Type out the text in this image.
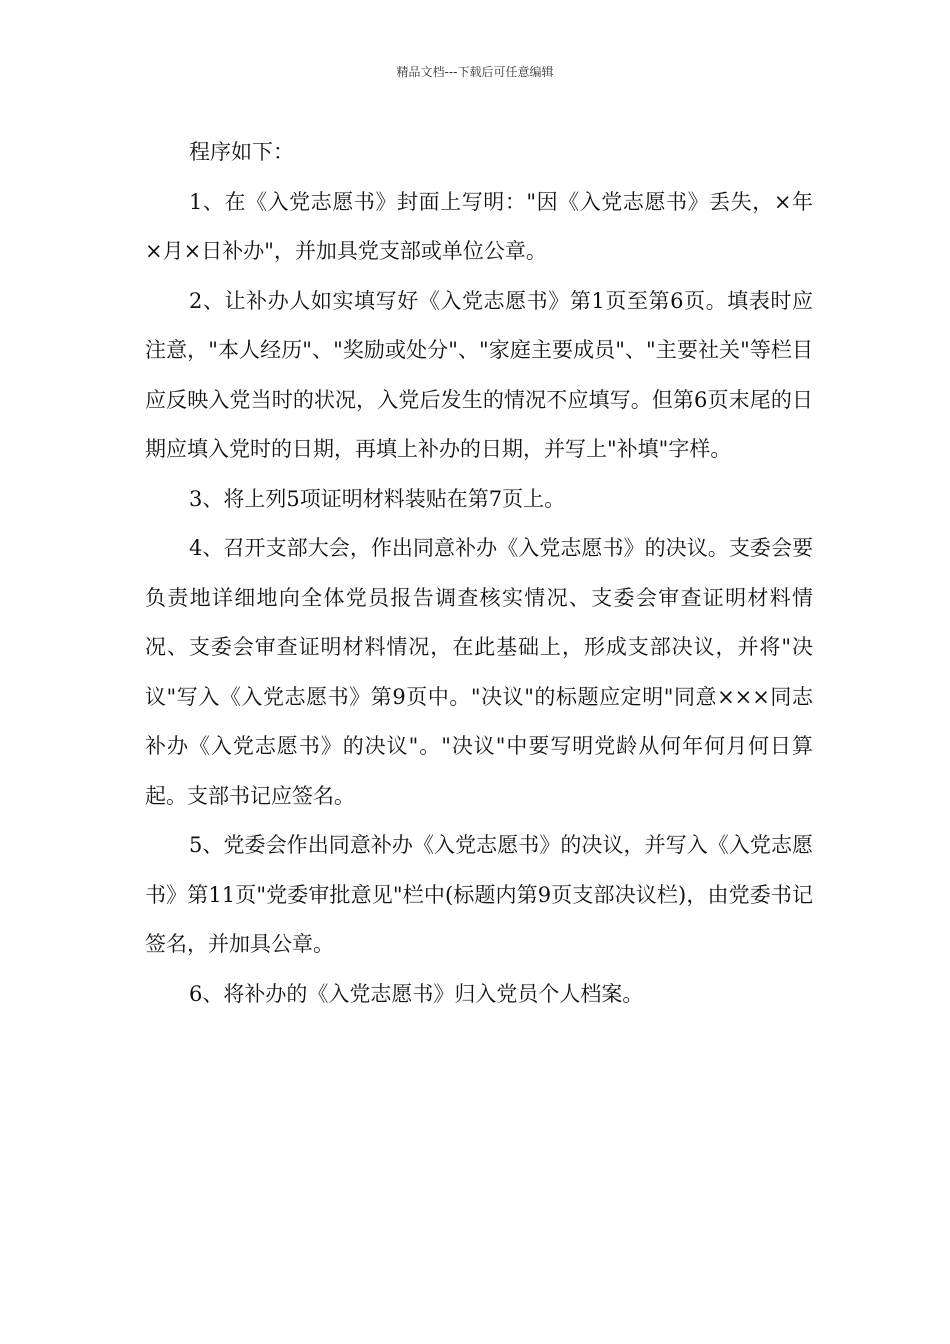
精品文档---下载后可任意编辑

程序如下：

1、在《入党志愿书》封面上写明："因《入党志愿书》丢失，×年×月×日补办"，并加具党支部或单位公章。

2、让补办人如实填写好《入党志愿书》第1页至第6页。填表时应注意，"本人经历"、"奖励或处分"、"家庭主要成员"、"主要社关"等栏目应反映入党当时的状况，入党后发生的情况不应填写。但第6页末尾的日期应填入党时的日期，再填上补办的日期，并写上"补填"字样。

3、将上列5项证明材料装贴在第7页上。

4、召开支部大会，作出同意补办《入党志愿书》的决议。支委会要负责地详细地向全体党员报告调查核实情况、支委会审查证明材料情况、支委会审查证明材料情况，在此基础上，形成支部决议，并将"决议"写入《入党志愿书》第9页中。"决议"的标题应定明"同意×××同志补办《入党志愿书》的决议"。"决议"中要写明党龄从何年何月何日算起。支部书记应签名。

5、党委会作出同意补办《入党志愿书》的决议，并写入《入党志愿书》第11页"党委审批意见"栏中(标题内第9页支部决议栏)，由党委书记签名，并加具公章。

6、将补办的《入党志愿书》归入党员个人档案。
